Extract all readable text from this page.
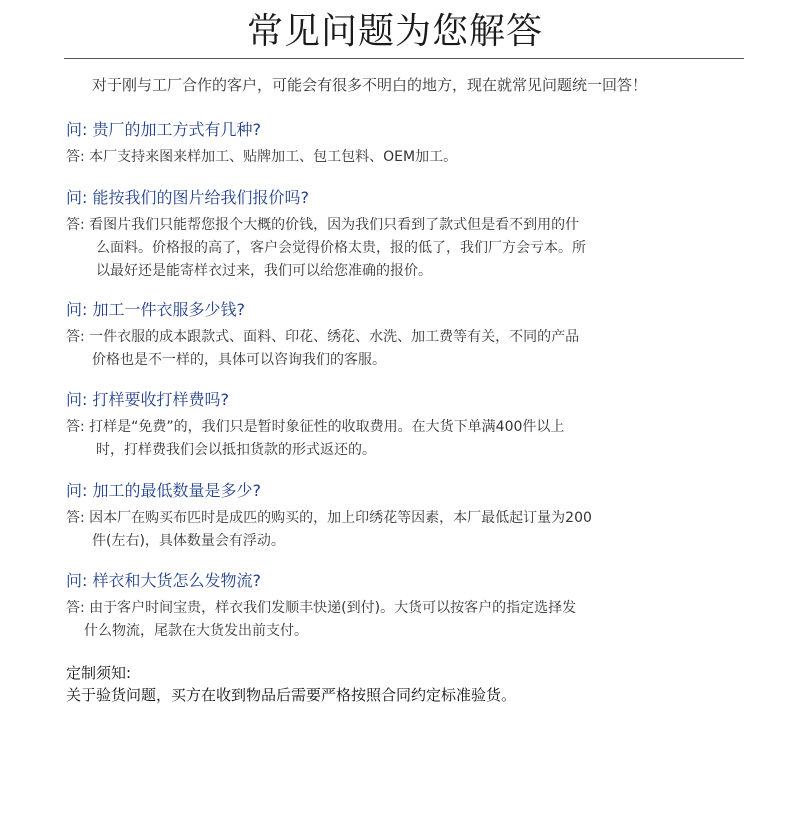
常见问题为您解答
对于刚与工厂合作的客户，可能会有很多不明白的地方，现在就常见问题统一回答！
问: 贵厂的加工方式有几种?
答: 本厂支持来图来样加工、贴牌加工、包工包料、OEM加工。
问: 能按我们的图片给我们报价吗?
答: 看图片我们只能帮您报个大概的价钱，因为我们只看到了款式但是看不到用的什
么面料。价格报的高了，客户会觉得价格太贵，报的低了，我们厂方会亏本。所
以最好还是能寄样衣过来，我们可以给您准确的报价。
问: 加工一件衣服多少钱?
答: 一件衣服的成本跟款式、面料、印花、绣花、水洗、加工费等有关，不同的产品
价格也是不一样的，具体可以咨询我们的客服。
问: 打样要收打样费吗?
答: 打样是“免费”的，我们只是暂时象征性的收取费用。在大货下单满400件以上
时，打样费我们会以抵扣货款的形式返还的。
问: 加工的最低数量是多少?
答: 因本厂在购买布匹时是成匹的购买的，加上印绣花等因素，本厂最低起订量为200
件(左右)，具体数量会有浮动。
问: 样衣和大货怎么发物流?
答: 由于客户时间宝贵，样衣我们发顺丰快递(到付)。大货可以按客户的指定选择发
什么物流，尾款在大货发出前支付。
定制须知:
关于验货问题，买方在收到物品后需要严格按照合同约定标准验货。
